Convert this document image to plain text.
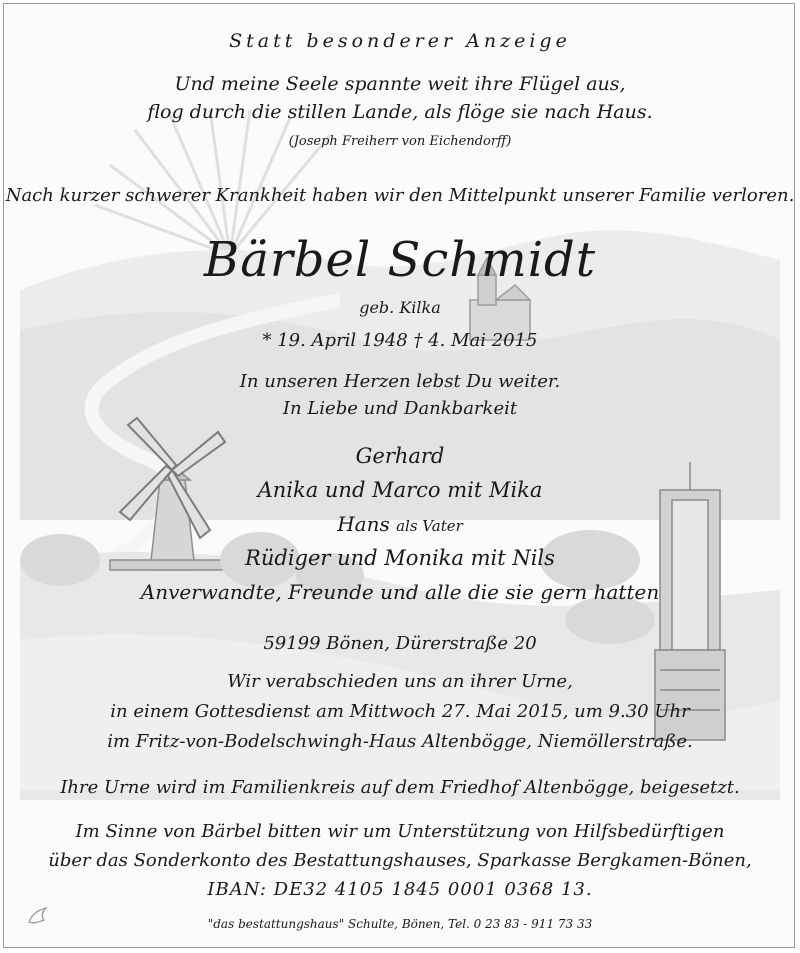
Statt besonderer Anzeige
Und meine Seele spannte weit ihre Flügel aus,
flog durch die stillen Lande, als flöge sie nach Haus.
(Joseph Freiherr von Eichendorff)
Nach kurzer schwerer Krankheit haben wir den Mittelpunkt unserer Familie verloren.
Bärbel Schmidt
geb. Kilka
* 19. April 1948 † 4. Mai 2015
In unseren Herzen lebst Du weiter.
In Liebe und Dankbarkeit
Gerhard
Anika und Marco mit Mika
Hans als Vater
Rüdiger und Monika mit Nils
Anverwandte, Freunde und alle die sie gern hatten
59199 Bönen, Dürerstraße 20
Wir verabschieden uns an ihrer Urne,
in einem Gottesdienst am Mittwoch 27. Mai 2015, um 9.30 Uhr
im Fritz-von-Bodelschwingh-Haus Altenbögge, Niemöllerstraße.
Ihre Urne wird im Familienkreis auf dem Friedhof Altenbögge, beigesetzt.
Im Sinne von Bärbel bitten wir um Unterstützung von Hilfsbedürftigen
über das Sonderkonto des Bestattungshauses, Sparkasse Bergkamen-Bönen,
IBAN: DE32 4105 1845 0001 0368 13.
"das bestattungshaus" Schulte, Bönen, Tel. 0 23 83 - 911 73 33
